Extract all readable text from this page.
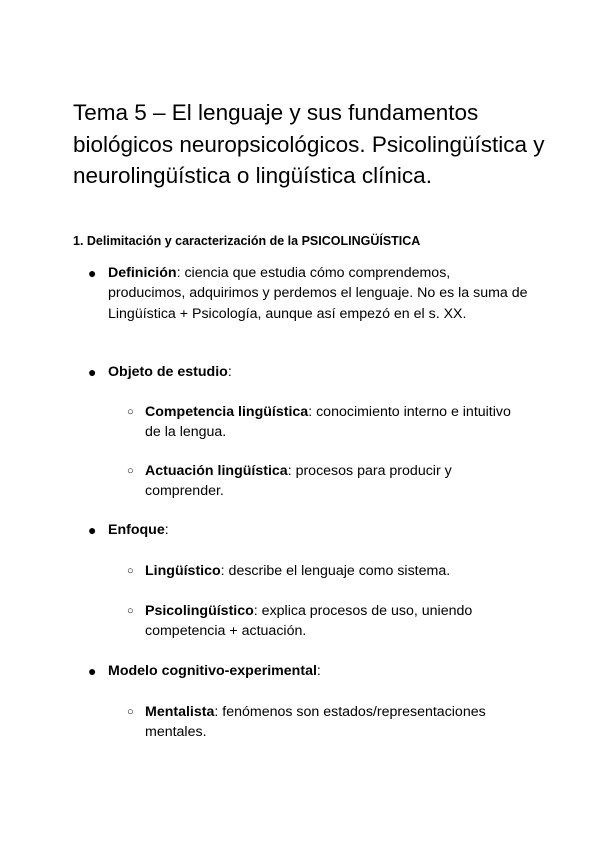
Tema 5 – El lenguaje y sus fundamentos biológicos neuropsicológicos. Psicolingüística y neurolingüística o lingüística clínica.
1. Delimitación y caracterización de la PSICOLINGÜÍSTICA
● Definición: ciencia que estudia cómo comprendemos, producimos, adquirimos y perdemos el lenguaje. No es la suma de Lingüística + Psicología, aunque así empezó en el s. XX.
● Objeto de estudio:
○ Competencia lingüística: conocimiento interno e intuitivo de la lengua.
○ Actuación lingüística: procesos para producir y comprender.
● Enfoque:
○ Lingüístico: describe el lenguaje como sistema.
○ Psicolingüístico: explica procesos de uso, uniendo competencia + actuación.
● Modelo cognitivo-experimental:
○ Mentalista: fenómenos son estados/representaciones mentales.
